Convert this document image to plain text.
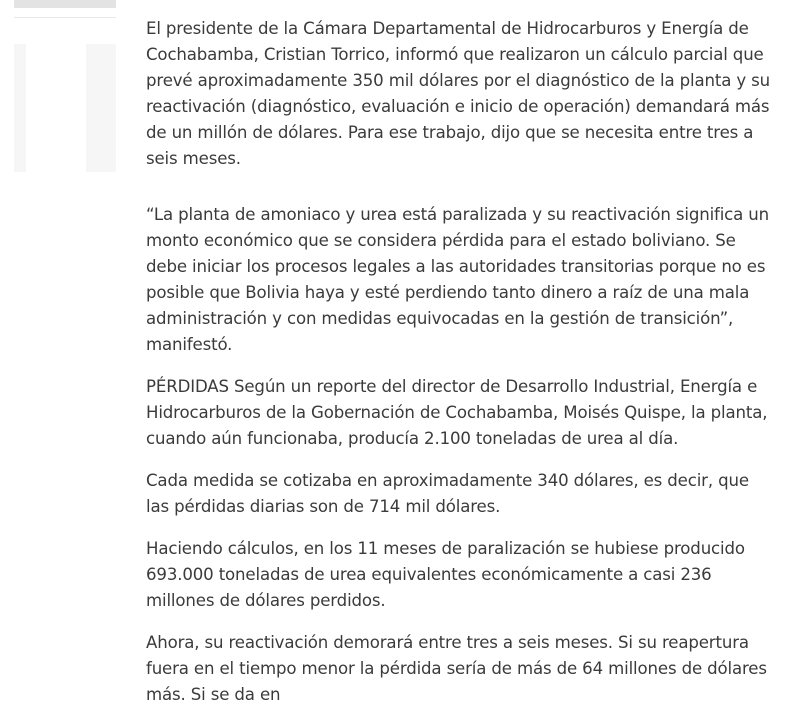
El presidente de la Cámara Departamental de Hidrocarburos y Energía de Cochabamba, Cristian Torrico, informó que realizaron un cálculo parcial que prevé aproximadamente 350 mil dólares por el diagnóstico de la planta y su reactivación (diagnóstico, evaluación e inicio de operación) demandará más de un millón de dólares. Para ese trabajo, dijo que se necesita entre tres a seis meses.

“La planta de amoniaco y urea está paralizada y su reactivación significa un monto económico que se considera pérdida para el estado boliviano. Se debe iniciar los procesos legales a las autoridades transitorias porque no es posible que Bolivia haya y esté perdiendo tanto dinero a raíz de una mala administración y con medidas equivocadas en la gestión de transición”, manifestó.

PÉRDIDAS Según un reporte del director de Desarrollo Industrial, Energía e Hidrocarburos de la Gobernación de Cochabamba, Moisés Quispe, la planta, cuando aún funcionaba, producía 2.100 toneladas de urea al día.

Cada medida se cotizaba en aproximadamente 340 dólares, es decir, que las pérdidas diarias son de 714 mil dólares.

Haciendo cálculos, en los 11 meses de paralización se hubiese producido 693.000 toneladas de urea equivalentes económicamente a casi 236 millones de dólares perdidos.

Ahora, su reactivación demorará entre tres a seis meses. Si su reapertura fuera en el tiempo menor la pérdida sería de más de 64 millones de dólares más. Si se da en
